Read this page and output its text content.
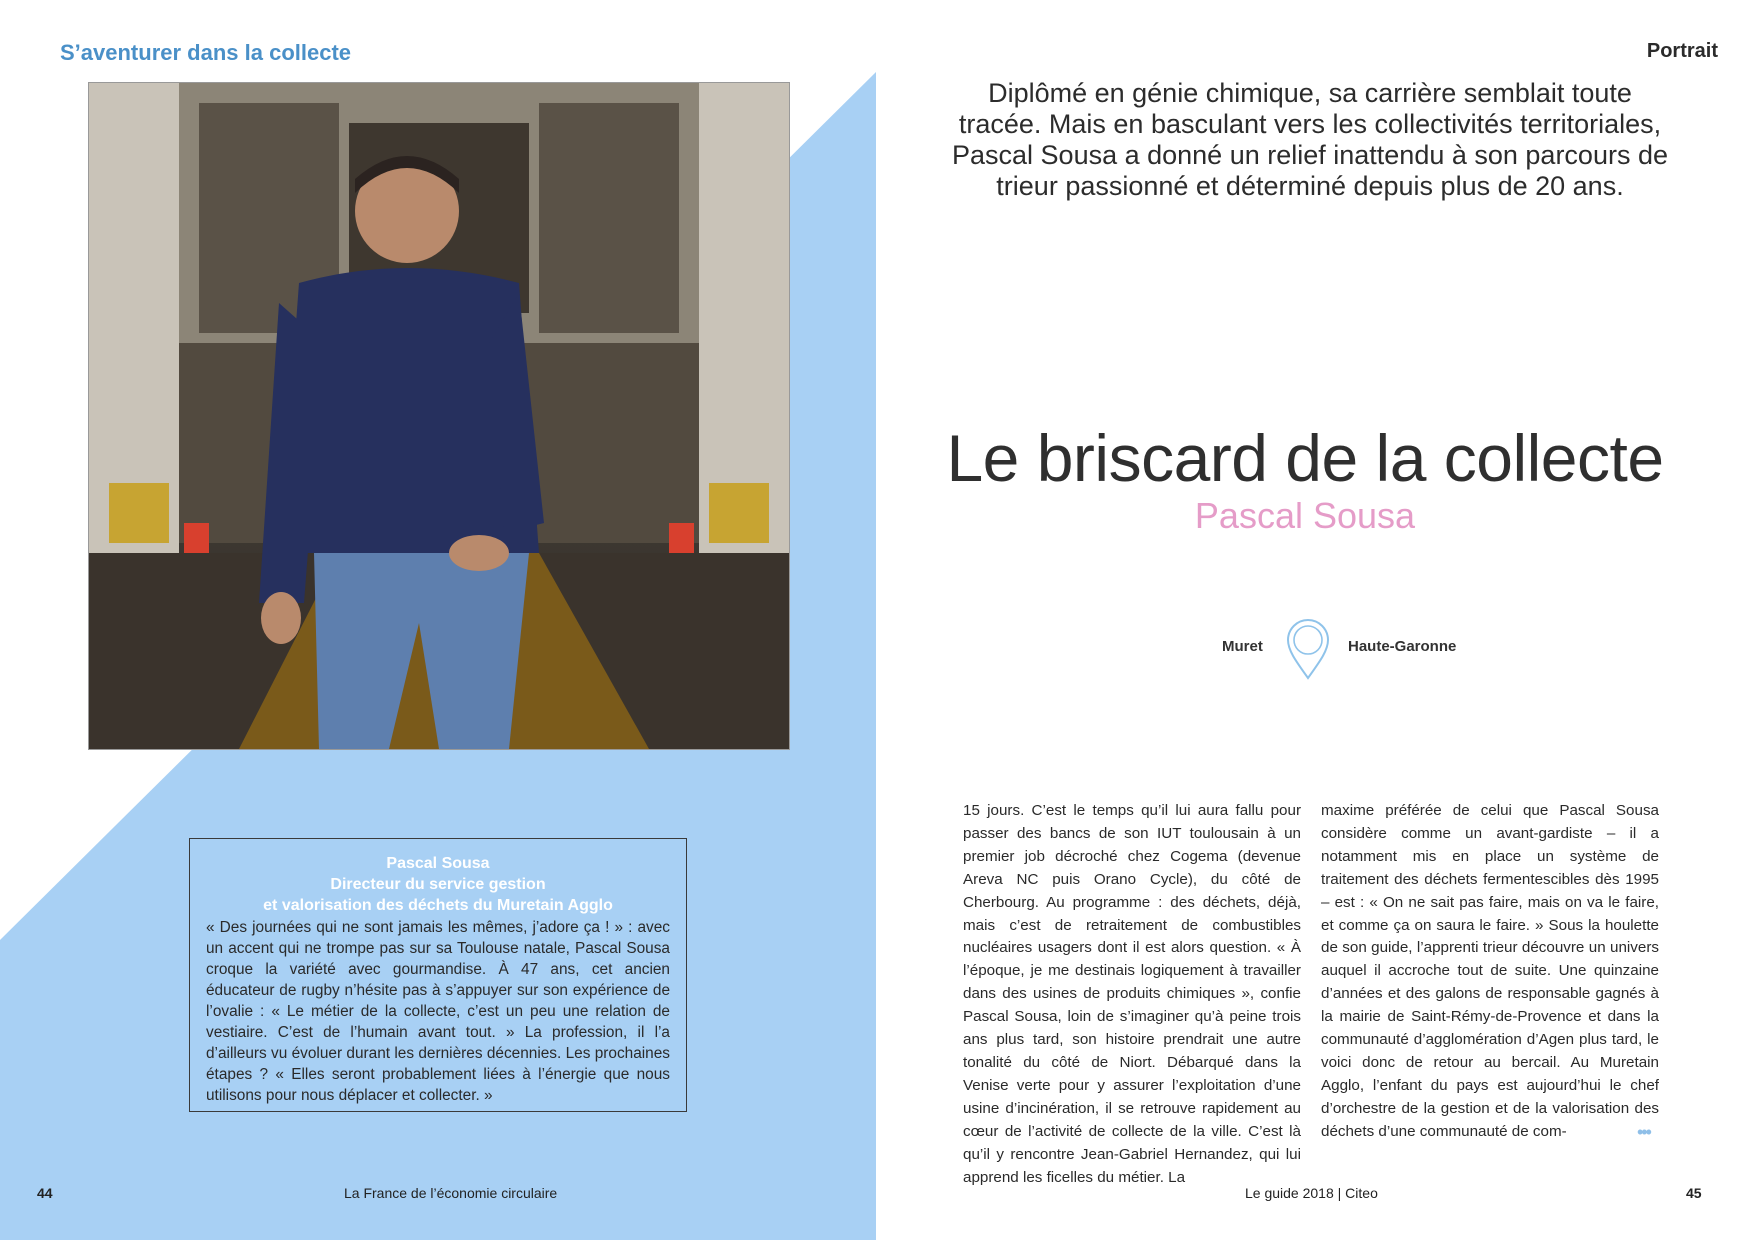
S’aventurer dans la collecte	Portrait
Diplômé en génie chimique, sa carrière semblait toute tracée. Mais en basculant vers les collectivités territoriales, Pascal Sousa a donné un relief inattendu à son parcours de trieur passionné et déterminé depuis plus de 20 ans.
Le briscard de la collecte
Pascal Sousa
Muret	Haute-Garonne
Pascal Sousa
Directeur du service gestion
et valorisation des déchets du Muretain Agglo
« Des journées qui ne sont jamais les mêmes, j’adore ça ! » : avec un accent qui ne trompe pas sur sa Toulouse natale, Pascal Sousa croque la variété avec gourmandise. À 47 ans, cet ancien éducateur de rugby n’hésite pas à s’appuyer sur son expérience de l’ovalie : « Le métier de la collecte, c’est un peu une relation de vestiaire. C’est de l’humain avant tout. » La profession, il l’a d’ailleurs vu évoluer durant les dernières décennies. Les prochaines étapes ? « Elles seront probablement liées à l’énergie que nous utilisons pour nous déplacer et collecter. »
15 jours. C’est le temps qu’il lui aura fallu pour passer des bancs de son IUT toulousain à un premier job décroché chez Cogema (devenue Areva NC puis Orano Cycle), du côté de Cherbourg. Au programme : des déchets, déjà, mais c’est de retraitement de combustibles nucléaires usagers dont il est alors question. « À l’époque, je me destinais logiquement à travailler dans des usines de produits chimiques », confie Pascal Sousa, loin de s’imaginer qu’à peine trois ans plus tard, son histoire prendrait une autre tonalité du côté de Niort. Débarqué dans la Venise verte pour y assurer l’exploitation d’une usine d’incinération, il se retrouve rapidement au cœur de l’activité de collecte de la ville. C’est là qu’il y rencontre Jean-Gabriel Hernandez, qui lui apprend les ficelles du métier. La
maxime préférée de celui que Pascal Sousa considère comme un avant-gardiste – il a notamment mis en place un système de traitement des déchets fermentescibles dès 1995 – est : « On ne sait pas faire, mais on va le faire, et comme ça on saura le faire. » Sous la houlette de son guide, l’apprenti trieur découvre un univers auquel il accroche tout de suite. Une quinzaine d’années et des galons de responsable gagnés à la mairie de Saint-Rémy-de-Provence et dans la communauté d’agglomération d’Agen plus tard, le voici donc de retour au bercail. Au Muretain Agglo, l’enfant du pays est aujourd’hui le chef d’orchestre de la gestion et de la valorisation des déchets d’une communauté de com-	•••
44	La France de l’économie circulaire	Le guide 2018 | Citeo	45
